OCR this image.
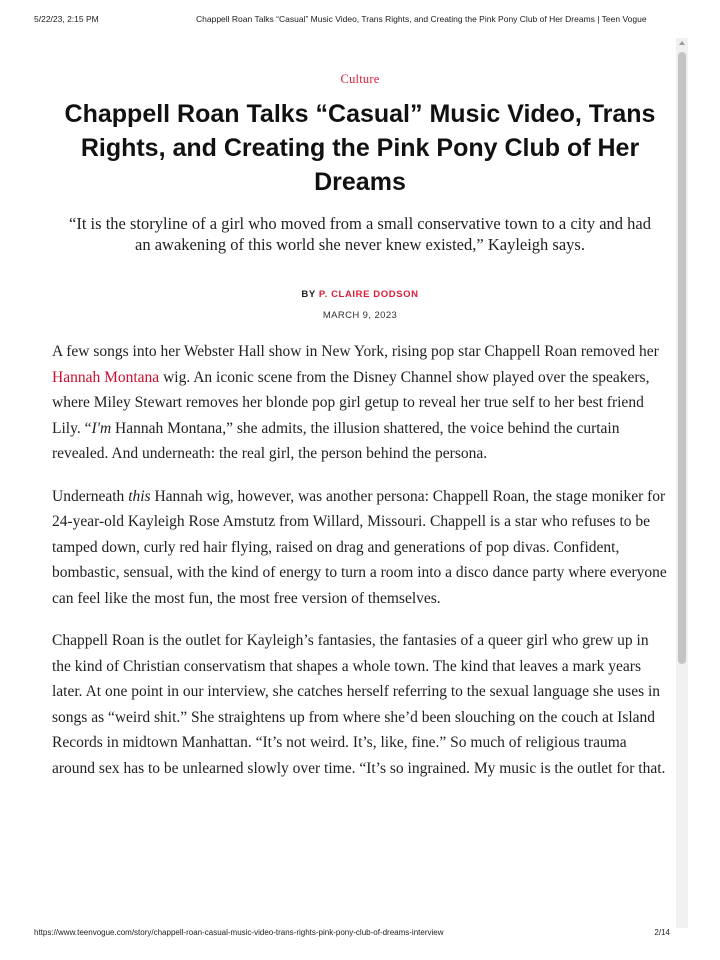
5/22/23, 2:15 PM	Chappell Roan Talks “Casual” Music Video, Trans Rights, and Creating the Pink Pony Club of Her Dreams | Teen Vogue
Culture
Chappell Roan Talks “Casual” Music Video, Trans Rights, and Creating the Pink Pony Club of Her Dreams
“It is the storyline of a girl who moved from a small conservative town to a city and had an awakening of this world she never knew existed,” Kayleigh says.
BY P. CLAIRE DODSON
MARCH 9, 2023

A few songs into her Webster Hall show in New York, rising pop star Chappell Roan removed her Hannah Montana wig. An iconic scene from the Disney Channel show played over the speakers, where Miley Stewart removes her blonde pop girl getup to reveal her true self to her best friend Lily. “I'm Hannah Montana,” she admits, the illusion shattered, the voice behind the curtain revealed. And underneath: the real girl, the person behind the persona.

Underneath this Hannah wig, however, was another persona: Chappell Roan, the stage moniker for 24-year-old Kayleigh Rose Amstutz from Willard, Missouri. Chappell is a star who refuses to be tamped down, curly red hair flying, raised on drag and generations of pop divas. Confident, bombastic, sensual, with the kind of energy to turn a room into a disco dance party where everyone can feel like the most fun, the most free version of themselves.

Chappell Roan is the outlet for Kayleigh’s fantasies, the fantasies of a queer girl who grew up in the kind of Christian conservatism that shapes a whole town. The kind that leaves a mark years later. At one point in our interview, she catches herself referring to the sexual language she uses in songs as “weird shit.” She straightens up from where she’d been slouching on the couch at Island Records in midtown Manhattan. “It’s not weird. It’s, like, fine.” So much of religious trauma around sex has to be unlearned slowly over time. “It’s so ingrained. My music is the outlet for that.

https://www.teenvogue.com/story/chappell-roan-casual-music-video-trans-rights-pink-pony-club-of-dreams-interview	2/14
